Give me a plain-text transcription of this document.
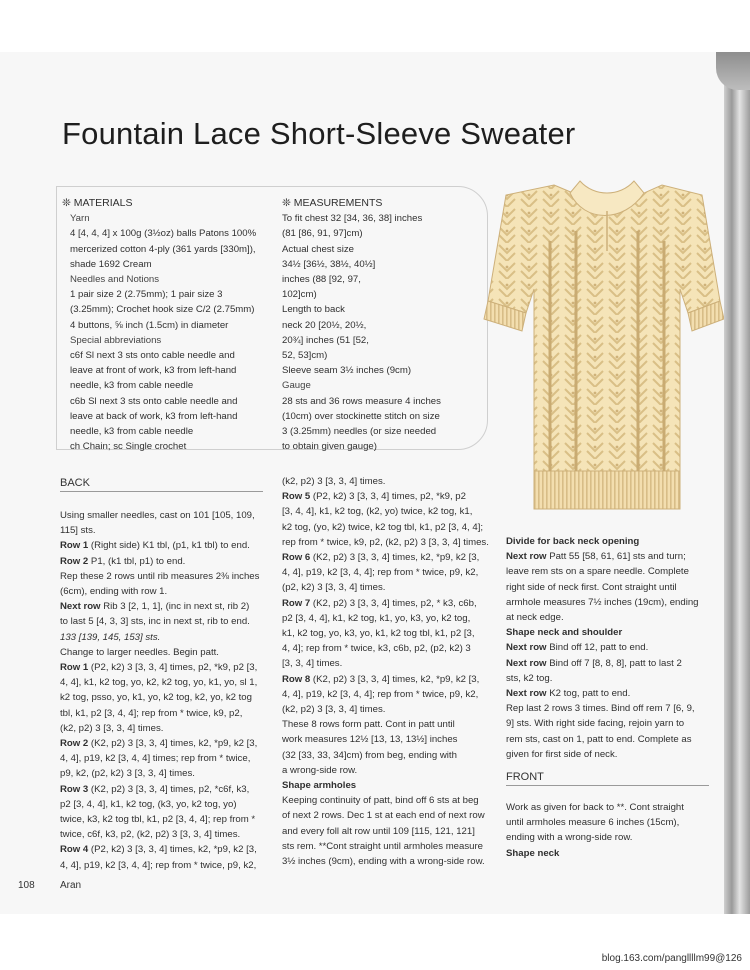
Fountain Lace Short-Sleeve Sweater
❊ MATERIALS
Yarn
4 [4, 4, 4] x 100g (3½oz) balls Patons 100%
mercerized cotton 4-ply (361 yards [330m]),
shade 1692 Cream
Needles and Notions
1 pair size 2 (2.75mm); 1 pair size 3
(3.25mm); Crochet hook size C/2 (2.75mm)
4 buttons, ⅝ inch (1.5cm) in diameter
Special abbreviations
c6f Sl next 3 sts onto cable needle and
leave at front of work, k3 from left-hand
needle, k3 from cable needle
c6b Sl next 3 sts onto cable needle and
leave at back of work, k3 from left-hand
needle, k3 from cable needle
ch Chain; sc Single crochet
❊ MEASUREMENTS
To fit chest 32 [34, 36, 38] inches
(81 [86, 91, 97]cm)
Actual chest size
34½ [36½, 38½, 40½]
inches (88 [92, 97,
102]cm)
Length to back
neck 20 [20½, 20½,
20¾] inches (51 [52,
52, 53]cm)
Sleeve seam 3½ inches (9cm)
Gauge
28 sts and 36 rows measure 4 inches
(10cm) over stockinette stitch on size
3 (3.25mm) needles (or size needed
to obtain given gauge)
BACK
Using smaller needles, cast on 101 [105, 109,
115] sts.
Row 1 (Right side) K1 tbl, (p1, k1 tbl) to end.
Row 2 P1, (k1 tbl, p1) to end.
Rep these 2 rows until rib measures 2⅜ inches
(6cm), ending with row 1.
Next row Rib 3 [2, 1, 1], (inc in next st, rib 2)
to last 5 [4, 3, 3] sts, inc in next st, rib to end.
133 [139, 145, 153] sts.
Change to larger needles. Begin patt.
Row 1 (P2, k2) 3 [3, 3, 4] times, p2, *k9, p2 [3,
4, 4], k1, k2 tog, yo, k2, k2 tog, yo, k1, yo, sl 1,
k2 tog, psso, yo, k1, yo, k2 tog, k2, yo, k2 tog
tbl, k1, p2 [3, 4, 4]; rep from * twice, k9, p2,
(k2, p2) 3 [3, 3, 4] times.
Row 2 (K2, p2) 3 [3, 3, 4] times, k2, *p9, k2 [3,
4, 4], p19, k2 [3, 4, 4] times; rep from * twice,
p9, k2, (p2, k2) 3 [3, 3, 4] times.
Row 3 (K2, p2) 3 [3, 3, 4] times, p2, *c6f, k3,
p2 [3, 4, 4], k1, k2 tog, (k3, yo, k2 tog, yo)
twice, k3, k2 tog tbl, k1, p2 [3, 4, 4]; rep from *
twice, c6f, k3, p2, (k2, p2) 3 [3, 3, 4] times.
Row 4 (P2, k2) 3 [3, 3, 4] times, k2, *p9, k2 [3,
4, 4], p19, k2 [3, 4, 4]; rep from * twice, p9, k2,
(k2, p2) 3 [3, 3, 4] times.
Row 5 (P2, k2) 3 [3, 3, 4] times, p2, *k9, p2
[3, 4, 4], k1, k2 tog, (k2, yo) twice, k2 tog, k1,
k2 tog, (yo, k2) twice, k2 tog tbl, k1, p2 [3, 4, 4];
rep from * twice, k9, p2, (k2, p2) 3 [3, 3, 4] times.
Row 6 (K2, p2) 3 [3, 3, 4] times, k2, *p9, k2 [3,
4, 4], p19, k2 [3, 4, 4]; rep from * twice, p9, k2,
(p2, k2) 3 [3, 3, 4] times.
Row 7 (K2, p2) 3 [3, 3, 4] times, p2, * k3, c6b,
p2 [3, 4, 4], k1, k2 tog, k1, yo, k3, yo, k2 tog,
k1, k2 tog, yo, k3, yo, k1, k2 tog tbl, k1, p2 [3,
4, 4]; rep from * twice, k3, c6b, p2, (p2, k2) 3
[3, 3, 4] times.
Row 8 (K2, p2) 3 [3, 3, 4] times, k2, *p9, k2 [3,
4, 4], p19, k2 [3, 4, 4]; rep from * twice, p9, k2,
(k2, p2) 3 [3, 3, 4] times.
These 8 rows form patt. Cont in patt until
work measures 12½ [13, 13, 13½] inches
(32 [33, 33, 34]cm) from beg, ending with
a wrong-side row.
Shape armholes
Keeping continuity of patt, bind off 6 sts at beg
of next 2 rows. Dec 1 st at each end of next row
and every foll alt row until 109 [115, 121, 121]
sts rem. **Cont straight until armholes measure
3½ inches (9cm), ending with a wrong-side row.
Divide for back neck opening
Next row Patt 55 [58, 61, 61] sts and turn;
leave rem sts on a spare needle. Complete
right side of neck first. Cont straight until
armhole measures 7½ inches (19cm), ending
at neck edge.
Shape neck and shoulder
Next row Bind off 12, patt to end.
Next row Bind off 7 [8, 8, 8], patt to last 2
sts, k2 tog.
Next row K2 tog, patt to end.
Rep last 2 rows 3 times. Bind off rem 7 [6, 9,
9] sts. With right side facing, rejoin yarn to
rem sts, cast on 1, patt to end. Complete as
given for first side of neck.
FRONT
Work as given for back to **. Cont straight
until armholes measure 6 inches (15cm),
ending with a wrong-side row.
Shape neck
108	Aran
blog.163.com/pangllllm99@126
